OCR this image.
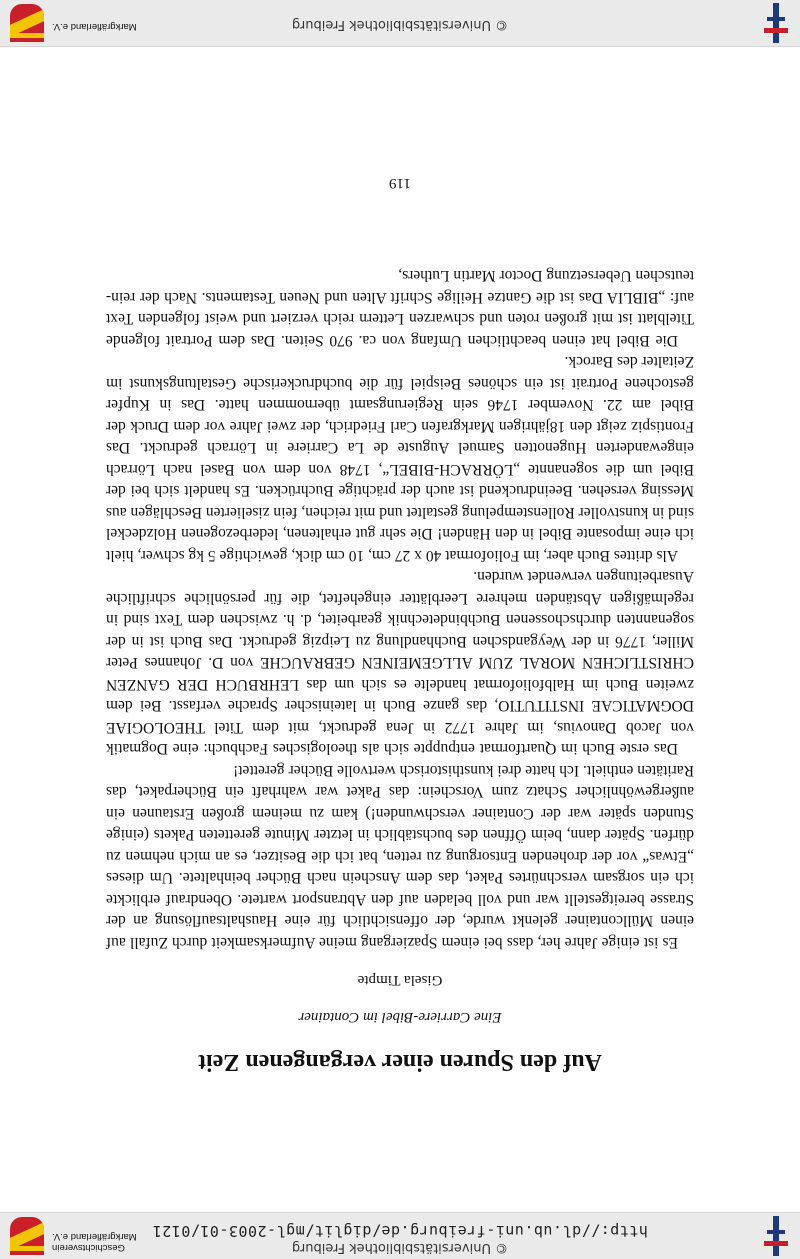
© Universitätsbibliothek Freiburg
http://dl.ub.uni-freiburg.de/diglit/mgl-2003-01/0121
Geschichtsverein
Markgräflerland e.V.
Auf den Spuren einer vergangenen Zeit
Eine Carriere-Bibel im Container
Gisela Timpte

Es ist einige Jahre her, dass bei einem Spaziergang meine Aufmerksamkeit durch Zufall auf einen Müllcontainer gelenkt wurde, der offensichtlich für eine Haushaltsauflösung an der Strasse bereitgestellt war und voll beladen auf den Abtransport wartete. Obendrauf erblickte ich ein sorgsam verschnürtes Paket, das dem Anschein nach Bücher beinhaltete. Um dieses „Etwas“ vor der drohenden Entsorgung zu retten, bat ich die Besitzer, es an mich nehmen zu dürfen. Später dann, beim Öffnen des buchstäblich in letzter Minute geretteten Pakets (einige Stunden später war der Container verschwunden!) kam zu meinem großen Erstaunen ein außergewöhnlicher Schatz zum Vorschein: das Paket war wahrhaft ein Bücherpaket, das Raritäten enthielt. Ich hatte drei kunsthistorisch wertvolle Bücher gerettet!

Das erste Buch im Quartformat entpuppte sich als theologisches Fachbuch: eine Dogmatik von Jacob Danovius, im Jahre 1772 in Jena gedruckt, mit dem Titel THEOLOGIAE DOGMATICAE INSTITUTIO, das ganze Buch in lateinischer Sprache verfasst. Bei dem zweiten Buch im Halbfolioformat handelte es sich um das LEHRBUCH DER GANZEN CHRISTLICHEN MORAL ZUM ALLGEMEINEN GEBRAUCHE von D. Johannes Peter Miller, 1776 in der Weygandschen Buchhandlung zu Leipzig gedruckt. Das Buch ist in der sogenannten durchschossenen Buchbindetechnik gearbeitet, d. h. zwischen dem Text sind in regelmäßigen Abständen mehrere Leerblätter eingeheftet, die für persönliche schriftliche Ausarbeitungen verwendet wurden.

Als drittes Buch aber, im Folioformat 40 x 27 cm, 10 cm dick, gewichtige 5 kg schwer, hielt ich eine imposante Bibel in den Händen! Die sehr gut erhaltenen, lederbezogenen Holzdeckel sind in kunstvoller Rollenstempelung gestaltet und mit reichen, fein ziselierten Beschlägen aus Messing versehen. Beeindruckend ist auch der prächtige Buchrücken. Es handelt sich bei der Bibel um die sogenannte „LÖRRACH-BIBEL“, 1748 von dem von Basel nach Lörrach eingewanderten Hugenotten Samuel Auguste de La Carriere in Lörrach gedruckt. Das Frontispiz zeigt den 18jährigen Markgrafen Carl Friedrich, der zwei Jahre vor dem Druck der Bibel am 22. November 1746 sein Regierungsamt übernommen hatte. Das in Kupfer gestochene Portrait ist ein schönes Beispiel für die buchdruckerische Gestaltungskunst im Zeitalter des Barock.

Die Bibel hat einen beachtlichen Umfang von ca. 970 Seiten. Das dem Portrait folgende Titelblatt ist mit großen roten und schwarzen Lettern reich verziert und weist folgenden Text auf: „BIBLIA Das ist die Gantze Heilige Schrift Alten und Neuen Testaments. Nach der rein-teutschen Uebersetzung Doctor Martin Luthers,

119
© Universitätsbibliothek Freiburg
Markgräflerland e.V.
